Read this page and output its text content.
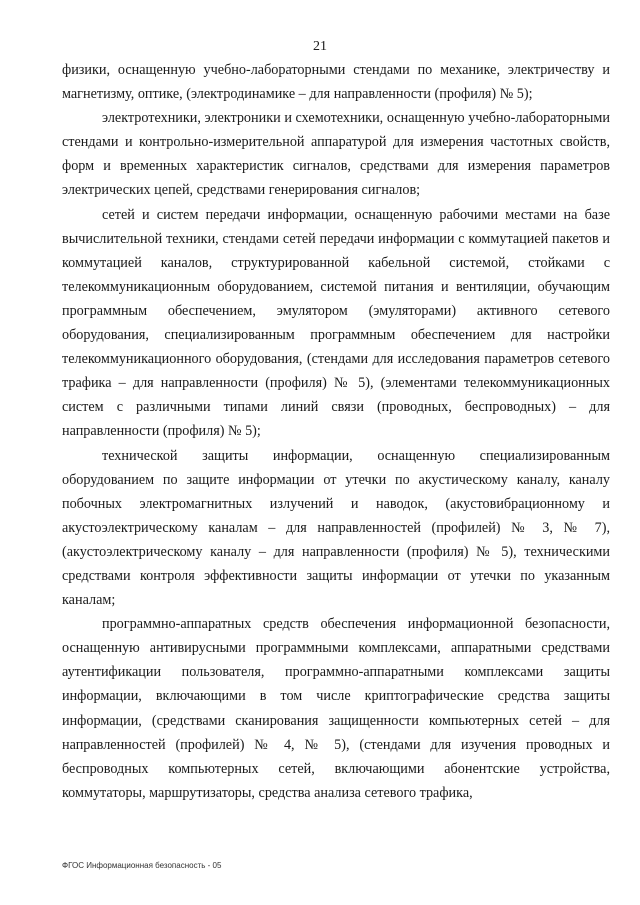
21

физики, оснащенную учебно-лабораторными стендами по механике, электричеству и магнетизму, оптике, (электродинамике – для направленности (профиля) № 5);

электротехники, электроники и схемотехники, оснащенную учебно-лабораторными стендами и контрольно-измерительной аппаратурой для измерения частотных свойств, форм и временных характеристик сигналов, средствами для измерения параметров электрических цепей, средствами генерирования сигналов;

сетей и систем передачи информации, оснащенную рабочими местами на базе вычислительной техники, стендами сетей передачи информации с коммутацией пакетов и коммутацией каналов, структурированной кабельной системой, стойками с телекоммуникационным оборудованием, системой питания и вентиляции, обучающим программным обеспечением, эмулятором (эмуляторами) активного сетевого оборудования, специализированным программным обеспечением для настройки телекоммуникационного оборудования, (стендами для исследования параметров сетевого трафика – для направленности (профиля) № 5), (элементами телекоммуникационных систем с различными типами линий связи (проводных, беспроводных) – для направленности (профиля) № 5);

технической защиты информации, оснащенную специализированным оборудованием по защите информации от утечки по акустическому каналу, каналу побочных электромагнитных излучений и наводок, (акустовибрационному и акустоэлектрическому каналам – для направленностей (профилей) № 3, № 7), (акустоэлектрическому каналу – для направленности (профиля) № 5), техническими средствами контроля эффективности защиты информации от утечки по указанным каналам;

программно-аппаратных средств обеспечения информационной безопасности, оснащенную антивирусными программными комплексами, аппаратными средствами аутентификации пользователя, программно-аппаратными комплексами защиты информации, включающими в том числе криптографические средства защиты информации, (средствами сканирования защищенности компьютерных сетей – для направленностей (профилей) № 4, № 5), (стендами для изучения проводных и беспроводных компьютерных сетей, включающими абонентские устройства, коммутаторы, маршрутизаторы, средства анализа сетевого трафика,

ФГОС Информационная безопасность - 05
